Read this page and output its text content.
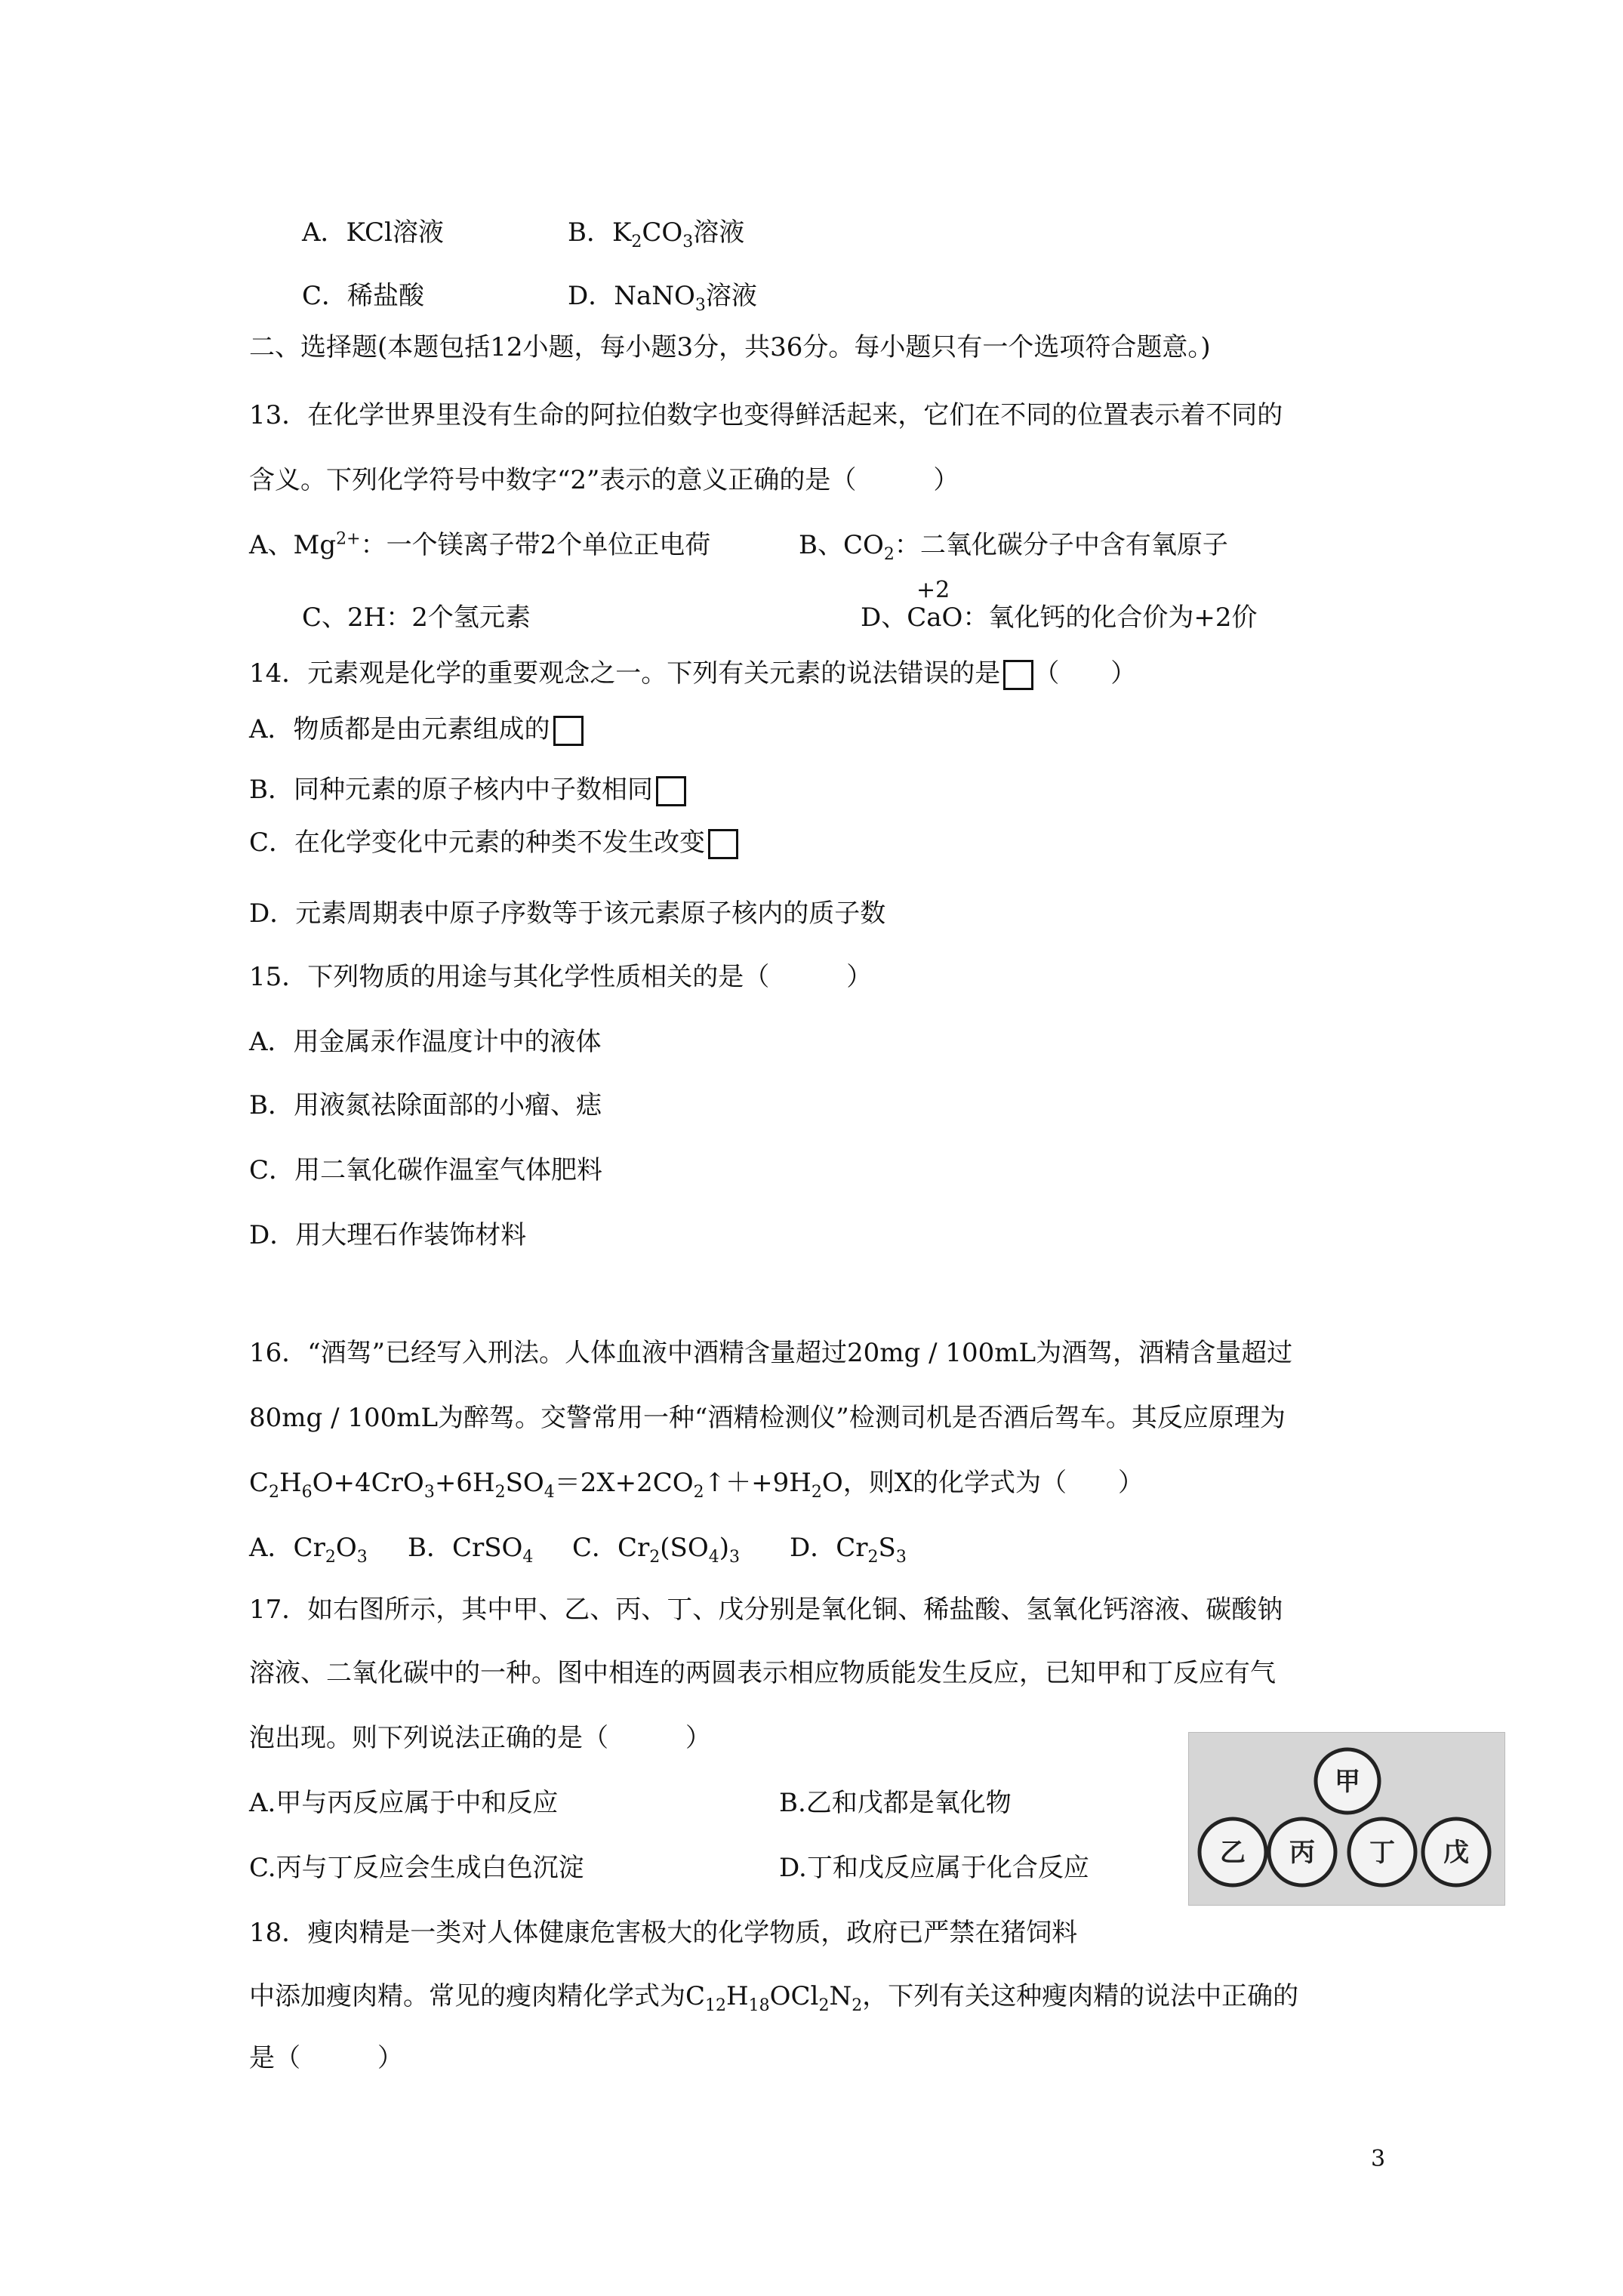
A．KCl溶液	B．$K_2CO_3$溶液
C．稀盐酸	D．NaNO$_3$溶液
二、选择题(本题包括12小题，每小题3分，共36分。每小题只有一个选项符合题意。)
13．在化学世界里没有生命的阿拉伯数字也变得鲜活起来，它们在不同的位置表示着不同的
含义。下列化学符号中数字“2”表示的意义正确的是（　　　）
A、$Mg^{2+}$：一个镁离子带2个单位正电荷	B、$CO_2$：二氧化碳分子中含有氧原子
+2
C、2H：2个氢元素	D、CaO：氧化钙的化合价为+2价
14．元素观是化学的重要观念之一。下列有关元素的说法错误的是 （　　）
A．物质都是由元素组成的
B．同种元素的原子核内中子数相同
C．在化学变化中元素的种类不发生改变
D．元素周期表中原子序数等于该元素原子核内的质子数
15．下列物质的用途与其化学性质相关的是（　　　）
A．用金属汞作温度计中的液体
B．用液氮祛除面部的小瘤、痣
C．用二氧化碳作温室气体肥料
D．用大理石作装饰材料
16．“酒驾”已经写入刑法。人体血液中酒精含量超过20mg / 100mL为酒驾，酒精含量超过
80mg / 100mL为醉驾。交警常用一种“酒精检测仪”检测司机是否酒后驾车。其反应原理为
$C_2H_6O+4CrO_3+6H_2SO_4=2X+2CO_2↑++9H_2O$，则X的化学式为（　　）
A．$Cr_2O_3$ B．CrSO$_4$ C．$Cr_2(SO_4)_3$ D．$Cr_2S_3$
17．如右图所示，其中甲、乙、丙、丁、戊分别是氧化铜、稀盐酸、氢氧化钙溶液、碳酸钠
溶液、二氧化碳中的一种。图中相连的两圆表示相应物质能发生反应，已知甲和丁反应有气
泡出现。则下列说法正确的是（　　　）
A.甲与丙反应属于中和反应	B.乙和戊都是氧化物
C.丙与丁反应会生成白色沉淀	D.丁和戊反应属于化合反应
甲
乙 丙 丁 戊
18．瘦肉精是一类对人体健康危害极大的化学物质，政府已严禁在猪饲料
中添加瘦肉精。常见的瘦肉精化学式为$C_{12}H_{18}OCl_2N_2$，下列有关这种瘦肉精的说法中正确的
是（　　　）
3
